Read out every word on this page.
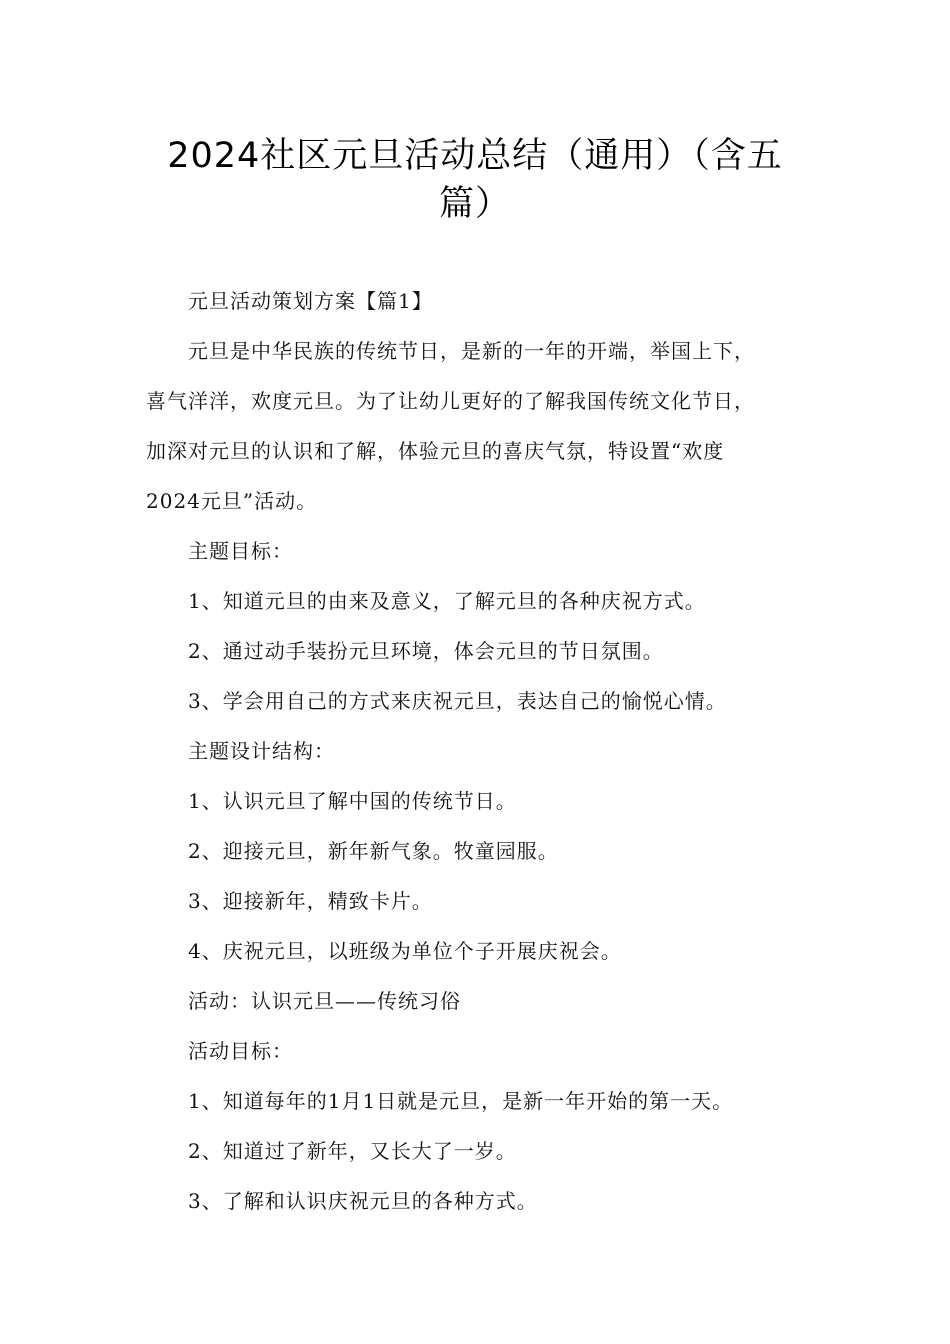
2024社区元旦活动总结（通用）（含五
篇）
元旦活动策划方案【篇1】
元旦是中华民族的传统节日，是新的一年的开端，举国上下，
喜气洋洋，欢度元旦。为了让幼儿更好的了解我国传统文化节日，
加深对元旦的认识和了解，体验元旦的喜庆气氛，特设置“欢度
2024元旦”活动。
主题目标：
1、知道元旦的由来及意义，了解元旦的各种庆祝方式。
2、通过动手装扮元旦环境，体会元旦的节日氛围。
3、学会用自己的方式来庆祝元旦，表达自己的愉悦心情。
主题设计结构：
1、认识元旦了解中国的传统节日。
2、迎接元旦，新年新气象。牧童园服。
3、迎接新年，精致卡片。
4、庆祝元旦，以班级为单位个子开展庆祝会。
活动：认识元旦——传统习俗
活动目标：
1、知道每年的1月1日就是元旦，是新一年开始的第一天。
2、知道过了新年，又长大了一岁。
3、了解和认识庆祝元旦的各种方式。
